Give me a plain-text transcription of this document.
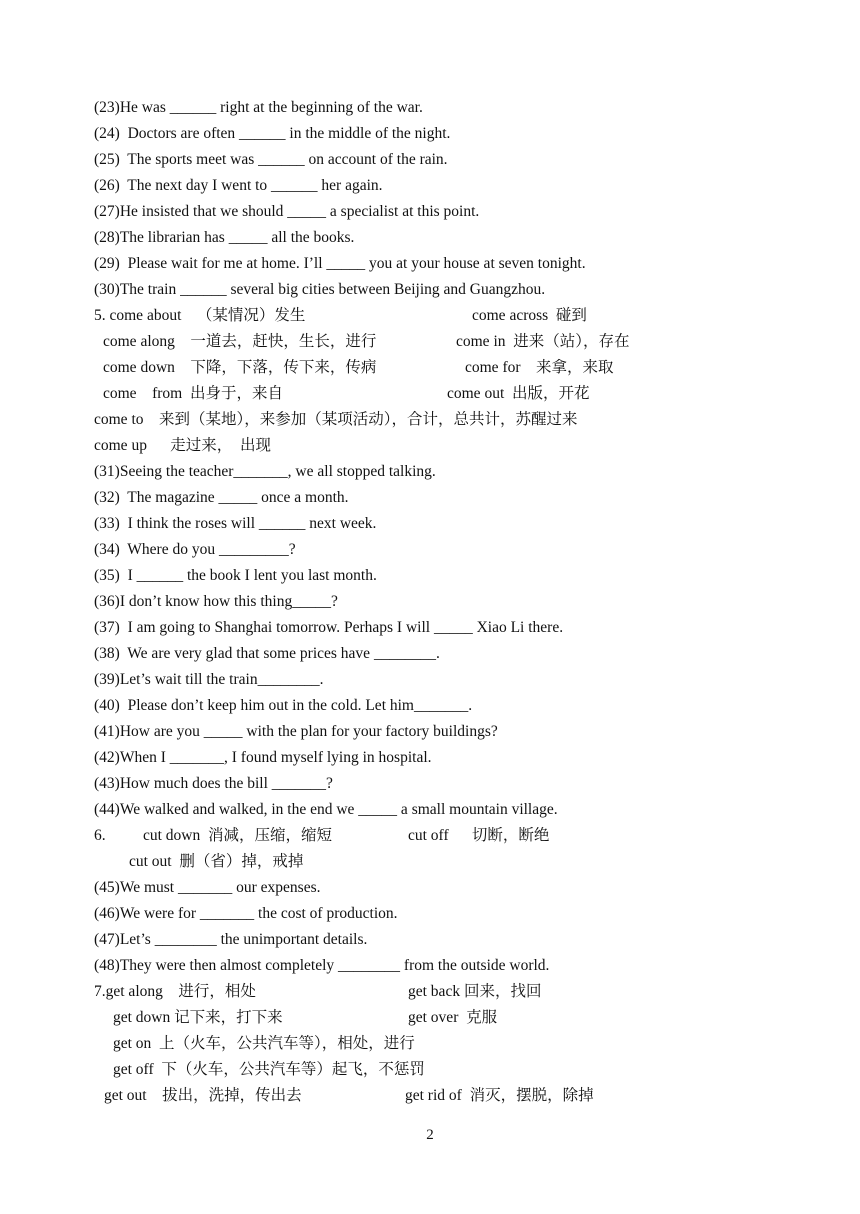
(23)He was ______ right at the beginning of the war.
(24)  Doctors are often ______ in the middle of the night.
(25)  The sports meet was ______ on account of the rain.
(26)  The next day I went to ______ her again.
(27)He insisted that we should _____ a specialist at this point.
(28)The librarian has _____ all the books.
(29)  Please wait for me at home. I’ll _____ you at your house at seven tonight.
(30)The train ______ several big cities between Beijing and Guangzhou.
5. come about    （某情况）发生	come across  碰到
come along    一道去，赶快，生长，进行	come in  进来（站），存在
come down    下降，下落，传下来，传病	come for    来拿，来取
come    from  出身于，来自	come out  出版，开花
come to    来到（某地），来参加（某项活动），合计，总共计，苏醒过来
come up      走过来，  出现
(31)Seeing the teacher_______, we all stopped talking.
(32)  The magazine _____ once a month.
(33)  I think the roses will ______ next week.
(34)  Where do you _________?
(35)  I ______ the book I lent you last month.
(36)I don’t know how this thing_____?
(37)  I am going to Shanghai tomorrow. Perhaps I will _____ Xiao Li there.
(38)  We are very glad that some prices have ________.
(39)Let’s wait till the train________.
(40)  Please don’t keep him out in the cold. Let him_______.
(41)How are you _____ with the plan for your factory buildings?
(42)When I _______, I found myself lying in hospital.
(43)How much does the bill _______?
(44)We walked and walked, in the end we _____ a small mountain village.
6. cut down  消减，压缩，缩短	cut off      切断，断绝
cut out  删（省）掉，戒掉
(45)We must _______ our expenses.
(46)We were for _______ the cost of production.
(47)Let’s ________ the unimportant details.
(48)They were then almost completely ________ from the outside world.
7.get along    进行，相处	get back 回来，找回
get down 记下来，打下来	get over  克服
get on  上（火车，公共汽车等），相处，进行
get off  下（火车，公共汽车等）起飞，不惩罚
get out    拔出，洗掉，传出去	get rid of  消灭，摆脱，除掉
2
